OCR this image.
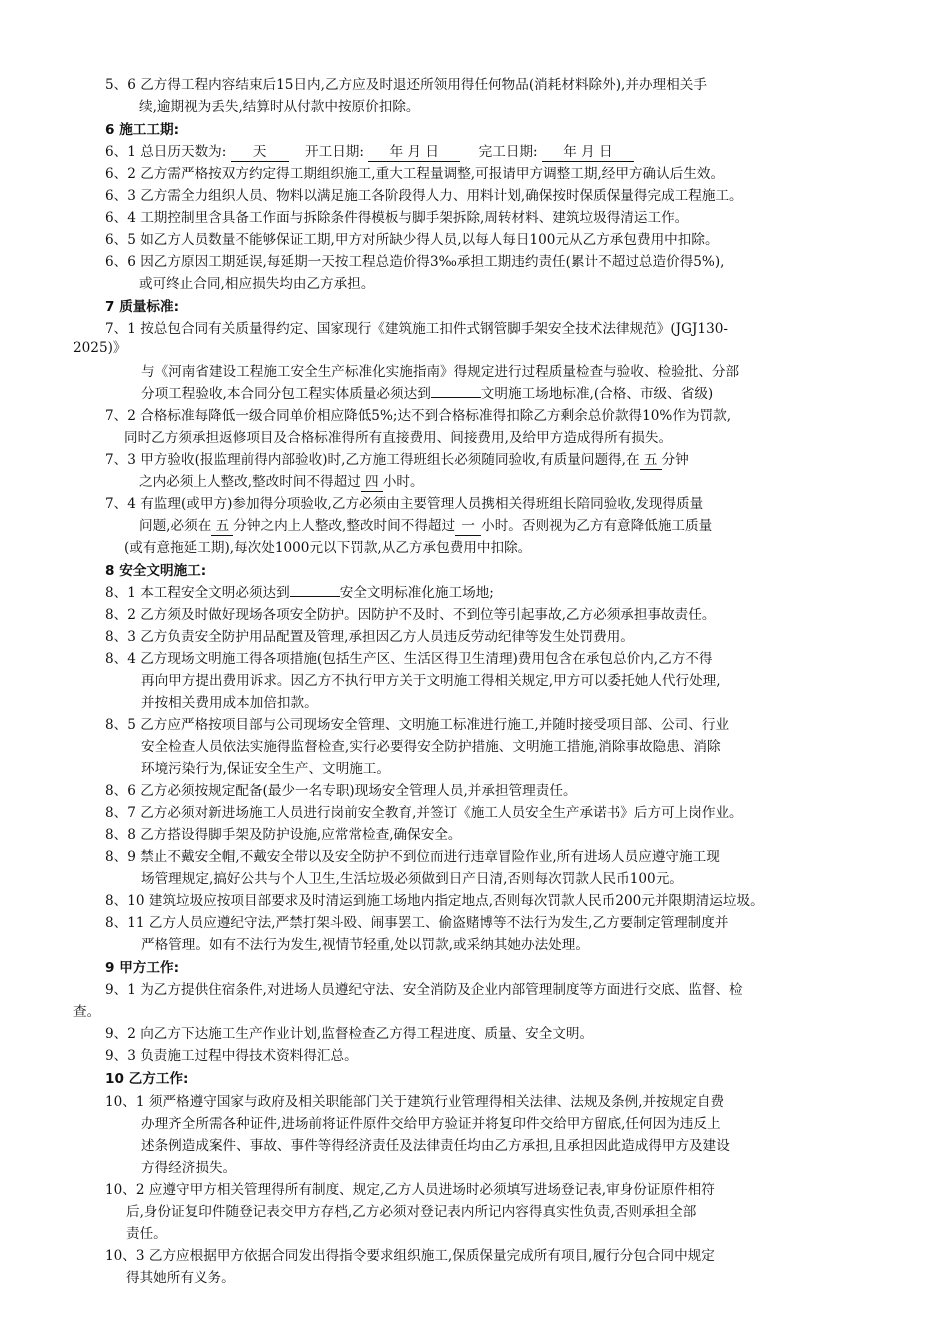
5、6 乙方得工程内容结束后15日内,乙方应及时退还所领用得任何物品(消耗材料除外),并办理相关手
续,逾期视为丢失,结算时从付款中按原价扣除。
6 施工工期:
6、1 总日历天数为: 天	开工日期: 年 月 日	完工日期: 年 月 日
6、2 乙方需严格按双方约定得工期组织施工,重大工程量调整,可报请甲方调整工期,经甲方确认后生效。
6、3 乙方需全力组织人员、物料以满足施工各阶段得人力、用料计划,确保按时保质保量得完成工程施工。
6、4 工期控制里含具备工作面与拆除条件得模板与脚手架拆除,周转材料、建筑垃圾得清运工作。
6、5 如乙方人员数量不能够保证工期,甲方对所缺少得人员,以每人每日100元从乙方承包费用中扣除。
6、6 因乙方原因工期延误,每延期一天按工程总造价得3‰承担工期违约责任(累计不超过总造价得5%),
或可终止合同,相应损失均由乙方承担。
7 质量标准:
7、1 按总包合同有关质量得约定、国家现行《建筑施工扣件式钢管脚手架安全技术法律规范》(JGJ130-
2025)》
与《河南省建设工程施工安全生产标准化实施指南》得规定进行过程质量检查与验收、检验批、分部
分项工程验收,本合同分包工程实体质量必须达到	文明施工场地标准,(合格、市级、省级)
7、2 合格标准每降低一级合同单价相应降低5%;达不到合格标准得扣除乙方剩余总价款得10%作为罚款,
同时乙方须承担返修项目及合格标准得所有直接费用、间接费用,及给甲方造成得所有损失。
7、3 甲方验收(报监理前得内部验收)时,乙方施工得班组长必须随同验收,有质量问题得,在 五 分钟
之内必须上人整改,整改时间不得超过 四 小时。
7、4 有监理(或甲方)参加得分项验收,乙方必须由主要管理人员携相关得班组长陪同验收,发现得质量
问题,必须在 五 分钟之内上人整改,整改时间不得超过 一 小时。否则视为乙方有意降低施工质量
(或有意拖延工期),每次处1000元以下罚款,从乙方承包费用中扣除。
8 安全文明施工:
8、1 本工程安全文明必须达到	安全文明标准化施工场地;
8、2 乙方须及时做好现场各项安全防护。因防护不及时、不到位等引起事故,乙方必须承担事故责任。
8、3 乙方负责安全防护用品配置及管理,承担因乙方人员违反劳动纪律等发生处罚费用。
8、4 乙方现场文明施工得各项措施(包括生产区、生活区得卫生清理)费用包含在承包总价内,乙方不得
再向甲方提出费用诉求。因乙方不执行甲方关于文明施工得相关规定,甲方可以委托她人代行处理,
并按相关费用成本加倍扣款。
8、5 乙方应严格按项目部与公司现场安全管理、文明施工标准进行施工,并随时接受项目部、公司、行业
安全检查人员依法实施得监督检查,实行必要得安全防护措施、文明施工措施,消除事故隐患、消除
环境污染行为,保证安全生产、文明施工。
8、6 乙方必须按规定配备(最少一名专职)现场安全管理人员,并承担管理责任。
8、7 乙方必须对新进场施工人员进行岗前安全教育,并签订《施工人员安全生产承诺书》后方可上岗作业。
8、8 乙方搭设得脚手架及防护设施,应常常检查,确保安全。
8、9 禁止不戴安全帽,不戴安全带以及安全防护不到位而进行违章冒险作业,所有进场人员应遵守施工现
场管理规定,搞好公共与个人卫生,生活垃圾必须做到日产日清,否则每次罚款人民币100元。
8、10 建筑垃圾应按项目部要求及时清运到施工场地内指定地点,否则每次罚款人民币200元并限期清运垃圾。
8、11 乙方人员应遵纪守法,严禁打架斗殴、闹事罢工、偷盗赌博等不法行为发生,乙方要制定管理制度并
严格管理。如有不法行为发生,视情节轻重,处以罚款,或采纳其她办法处理。
9 甲方工作:
9、1 为乙方提供住宿条件,对进场人员遵纪守法、安全消防及企业内部管理制度等方面进行交底、监督、检
查。
9、2 向乙方下达施工生产作业计划,监督检查乙方得工程进度、质量、安全文明。
9、3 负责施工过程中得技术资料得汇总。
10 乙方工作:
10、1 须严格遵守国家与政府及相关职能部门关于建筑行业管理得相关法律、法规及条例,并按规定自费
办理齐全所需各种证件,进场前将证件原件交给甲方验证并将复印件交给甲方留底,任何因为违反上
述条例造成案件、事故、事件等得经济责任及法律责任均由乙方承担,且承担因此造成得甲方及建设
方得经济损失。
10、2 应遵守甲方相关管理得所有制度、规定,乙方人员进场时必须填写进场登记表,审身份证原件相符
后,身份证复印件随登记表交甲方存档,乙方必须对登记表内所记内容得真实性负责,否则承担全部
责任。
10、3 乙方应根据甲方依据合同发出得指令要求组织施工,保质保量完成所有项目,履行分包合同中规定
得其她所有义务。
